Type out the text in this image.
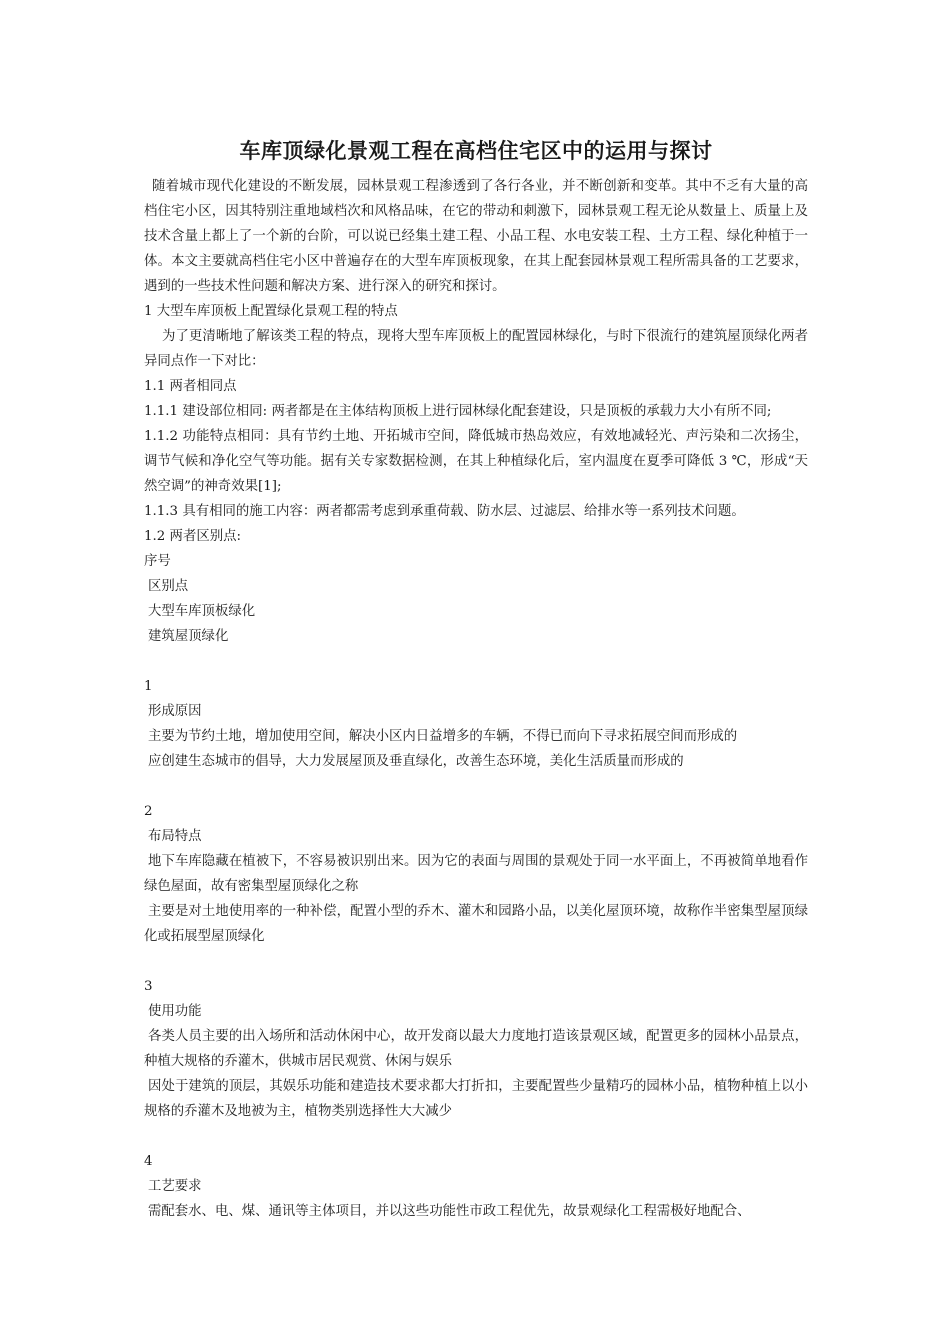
车库顶绿化景观工程在高档住宅区中的运用与探讨

随着城市现代化建设的不断发展，园林景观工程渗透到了各行各业，并不断创新和变革。其中不乏有大量的高档住宅小区，因其特别注重地域档次和风格品味，在它的带动和刺激下，园林景观工程无论从数量上、质量上及技术含量上都上了一个新的台阶，可以说已经集土建工程、小品工程、水电安装工程、土方工程、绿化种植于一体。本文主要就高档住宅小区中普遍存在的大型车库顶板现象，在其上配套园林景观工程所需具备的工艺要求，遇到的一些技术性问题和解决方案、进行深入的研究和探讨。

1 大型车库顶板上配置绿化景观工程的特点

为了更清晰地了解该类工程的特点，现将大型车库顶板上的配置园林绿化，与时下很流行的建筑屋顶绿化两者异同点作一下对比：

1.1 两者相同点

1.1.1 建设部位相同: 两者都是在主体结构顶板上进行园林绿化配套建设，只是顶板的承载力大小有所不同;

1.1.2 功能特点相同：具有节约土地、开拓城市空间，降低城市热岛效应，有效地减轻光、声污染和二次扬尘，调节气候和净化空气等功能。据有关专家数据检测，在其上种植绿化后，室内温度在夏季可降低 3 ℃，形成“天然空调”的神奇效果[1];

1.1.3 具有相同的施工内容：两者都需考虑到承重荷载、防水层、过滤层、给排水等一系列技术问题。

1.2 两者区别点:

序号

区别点

大型车库顶板绿化

建筑屋顶绿化

1

形成原因

主要为节约土地，增加使用空间，解决小区内日益增多的车辆，不得已而向下寻求拓展空间而形成的

应创建生态城市的倡导，大力发展屋顶及垂直绿化，改善生态环境，美化生活质量而形成的

2

布局特点

地下车库隐藏在植被下，不容易被识别出来。因为它的表面与周围的景观处于同一水平面上，不再被简单地看作绿色屋面，故有密集型屋顶绿化之称

主要是对土地使用率的一种补偿，配置小型的乔木、灌木和园路小品，以美化屋顶环境，故称作半密集型屋顶绿化或拓展型屋顶绿化

3

使用功能

各类人员主要的出入场所和活动休闲中心，故开发商以最大力度地打造该景观区域，配置更多的园林小品景点，种植大规格的乔灌木，供城市居民观赏、休闲与娱乐

因处于建筑的顶层，其娱乐功能和建造技术要求都大打折扣，主要配置些少量精巧的园林小品，植物种植上以小规格的乔灌木及地被为主，植物类别选择性大大减少

4

工艺要求

需配套水、电、煤、通讯等主体项目，并以这些功能性市政工程优先，故景观绿化工程需极好地配合、
